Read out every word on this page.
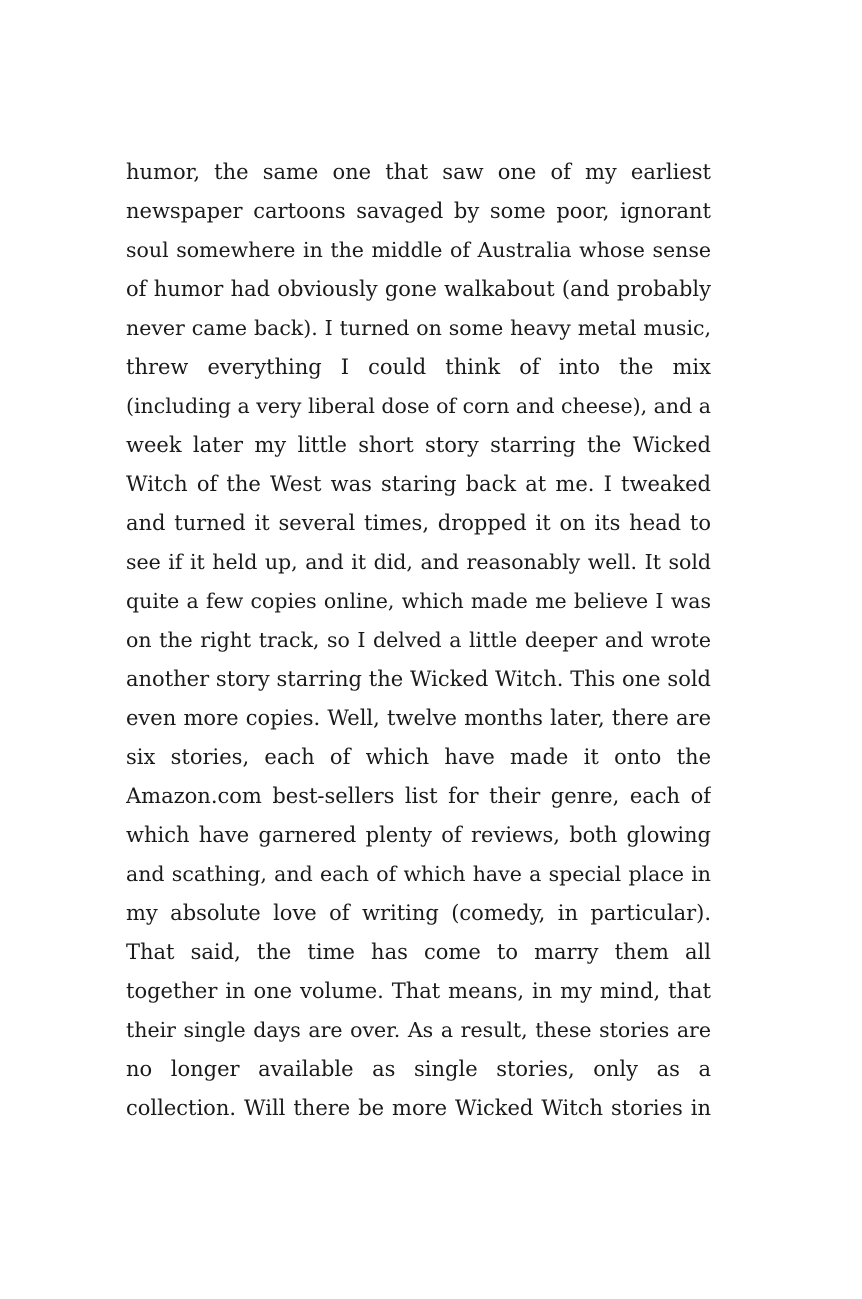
humor, the same one that saw one of my earliest
newspaper cartoons savaged by some poor, ignorant
soul somewhere in the middle of Australia whose sense
of humor had obviously gone walkabout (and probably
never came back). I turned on some heavy metal music,
threw everything I could think of into the mix
(including a very liberal dose of corn and cheese), and a
week later my little short story starring the Wicked
Witch of the West was staring back at me. I tweaked
and turned it several times, dropped it on its head to
see if it held up, and it did, and reasonably well. It sold
quite a few copies online, which made me believe I was
on the right track, so I delved a little deeper and wrote
another story starring the Wicked Witch. This one sold
even more copies. Well, twelve months later, there are
six stories, each of which have made it onto the
Amazon.com best-sellers list for their genre, each of
which have garnered plenty of reviews, both glowing
and scathing, and each of which have a special place in
my absolute love of writing (comedy, in particular).
That said, the time has come to marry them all
together in one volume. That means, in my mind, that
their single days are over. As a result, these stories are
no longer available as single stories, only as a
collection. Will there be more Wicked Witch stories in
